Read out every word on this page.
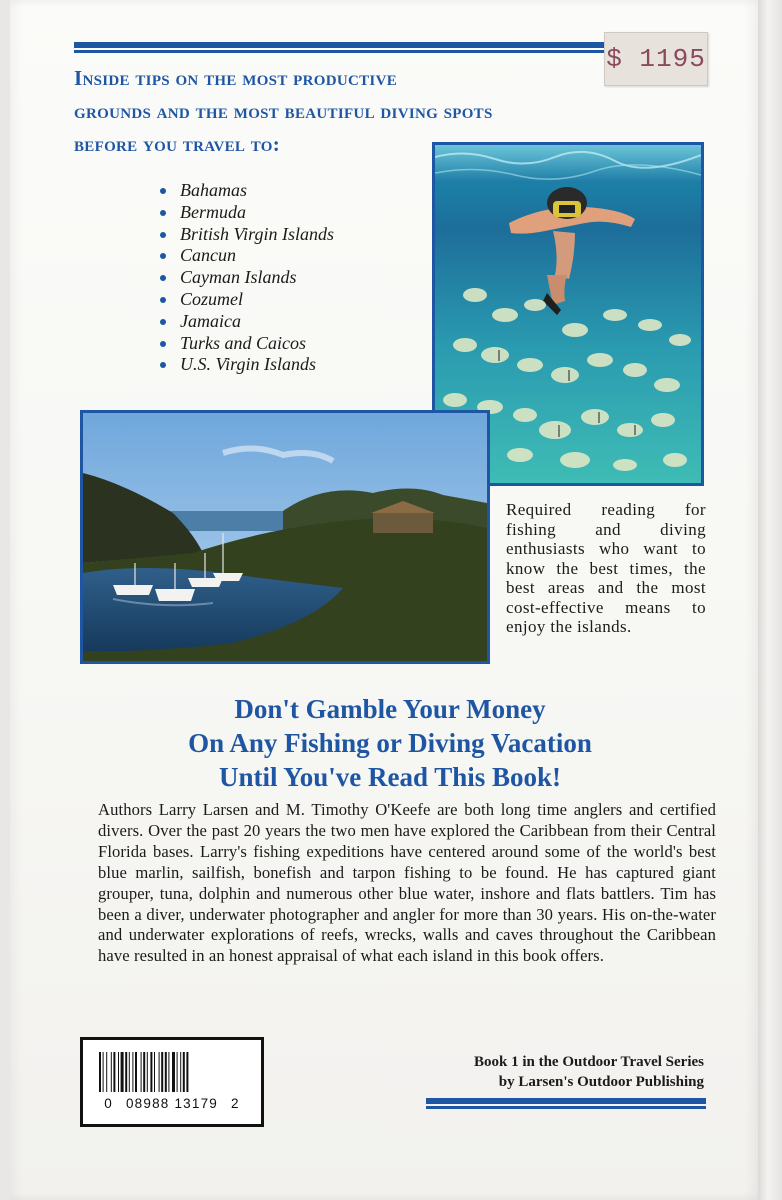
$ 1195
Inside tips on the most productive
grounds and the most beautiful diving spots
before you travel to:
Bahamas
Bermuda
British Virgin Islands
Cancun
Cayman Islands
Cozumel
Jamaica
Turks and Caicos
U.S. Virgin Islands
Required reading for fishing and diving enthusiasts who want to know the best times, the best areas and the most cost-effective means to enjoy the islands.
Don't Gamble Your Money
On Any Fishing or Diving Vacation
Until You've Read This Book!
Authors Larry Larsen and M. Timothy O'Keefe are both long time anglers and certified divers. Over the past 20 years the two men have explored the Caribbean from their Central Florida bases. Larry's fishing expeditions have centered around some of the world's best blue marlin, sailfish, bonefish and tarpon fishing to be found. He has captured giant grouper, tuna, dolphin and numerous other blue water, inshore and flats battlers. Tim has been a diver, underwater photographer and angler for more than 30 years. His on-the-water and underwater explorations of reefs, wrecks, walls and caves throughout the Caribbean have resulted in an honest appraisal of what each island in this book offers.
0 08988 13179 2
Book 1 in the Outdoor Travel Series
by Larsen's Outdoor Publishing
